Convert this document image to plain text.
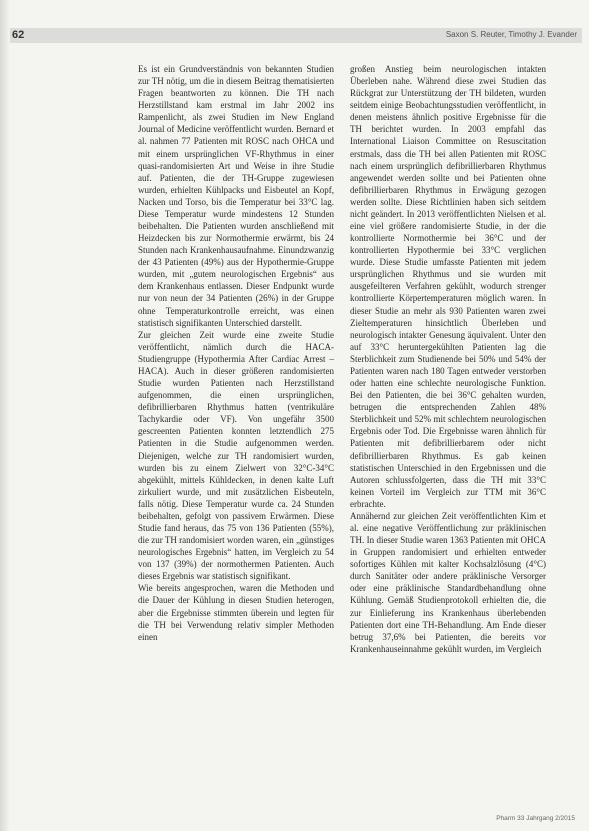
62	Saxon S. Reuter, Timothy J. Evander

Es ist ein Grundverständnis von bekannten Studien zur TH nötig, um die in diesem Beitrag thematisierten Fragen beantworten zu können. Die TH nach Herzstillstand kam erstmal im Jahr 2002 ins Rampenlicht, als zwei Studien im New England Journal of Medicine veröffentlicht wurden. Bernard et al. nahmen 77 Patienten mit ROSC nach OHCA und mit einem ursprünglichen VF-Rhythmus in einer quasi-randomisierten Art und Weise in ihre Studie auf. Patienten, die der TH-Gruppe zugewiesen wurden, erhielten Kühlpacks und Eisbeutel an Kopf, Nacken und Torso, bis die Temperatur bei 33°C lag. Diese Temperatur wurde mindestens 12 Stunden beibehalten. Die Patienten wurden anschließend mit Heizdecken bis zur Normothermie erwärmt, bis 24 Stunden nach Krankenhausaufnahme. Einundzwanzig der 43 Patienten (49%) aus der Hypothermie-Gruppe wurden, mit „gutem neurologischen Ergebnis“ aus dem Krankenhaus entlassen. Dieser Endpunkt wurde nur von neun der 34 Patienten (26%) in der Gruppe ohne Temperaturkontrolle erreicht, was einen statistisch signifikanten Unterschied darstellt.

Zur gleichen Zeit wurde eine zweite Studie veröffentlicht, nämlich durch die HACA-Studiengruppe (Hypothermia After Cardiac Arrest – HACA). Auch in dieser größeren randomisierten Studie wurden Patienten nach Herzstillstand aufgenommen, die einen ursprünglichen, defibrillierbaren Rhythmus hatten (ventrikuläre Tachykardie oder VF). Von ungefähr 3500 gescreenten Patienten konnten letztendlich 275 Patienten in die Studie aufgenommen werden. Diejenigen, welche zur TH randomisiert wurden, wurden bis zu einem Zielwert von 32°C-34°C abgekühlt, mittels Kühldecken, in denen kalte Luft zirkuliert wurde, und mit zusätzlichen Eisbeuteln, falls nötig. Diese Temperatur wurde ca. 24 Stunden beibehalten, gefolgt von passivem Erwärmen. Diese Studie fand heraus, das 75 von 136 Patienten (55%), die zur TH randomisiert worden waren, ein „günstiges neurologisches Ergebnis“ hatten, im Vergleich zu 54 von 137 (39%) der normothermen Patienten. Auch dieses Ergebnis war statistisch signifikant.

Wie bereits angesprochen, waren die Methoden und die Dauer der Kühlung in diesen Studien heterogen, aber die Ergebnisse stimmten überein und legten für die TH bei Verwendung relativ simpler Methoden einen

großen Anstieg beim neurologischen intakten Überleben nahe. Während diese zwei Studien das Rückgrat zur Unterstützung der TH bildeten, wurden seitdem einige Beobachtungsstudien veröffentlicht, in denen meistens ähnlich positive Ergebnisse für die TH berichtet wurden. In 2003 empfahl das International Liaison Committee on Resuscitation erstmals, dass die TH bei allen Patienten mit ROSC nach einem ursprünglich defibrillierbaren Rhythmus angewendet werden sollte und bei Patienten ohne defibrillierbaren Rhythmus in Erwägung gezogen werden sollte. Diese Richtlinien haben sich seitdem nicht geändert. In 2013 veröffentlichten Nielsen et al. eine viel größere randomisierte Studie, in der die kontrollierte Normothermie bei 36°C und der kontrollierten Hypothermie bei 33°C verglichen wurde. Diese Studie umfasste Patienten mit jedem ursprünglichen Rhythmus und sie wurden mit ausgefeilteren Verfahren gekühlt, wodurch strenger kontrollierte Körpertemperaturen möglich waren. In dieser Studie an mehr als 930 Patienten waren zwei Zieltemperaturen hinsichtlich Überleben und neurologisch intakter Genesung äquivalent. Unter den auf 33°C heruntergekühlten Patienten lag die Sterblichkeit zum Studienende bei 50% und 54% der Patienten waren nach 180 Tagen entweder verstorben oder hatten eine schlechte neurologische Funktion. Bei den Patienten, die bei 36°C gehalten wurden, betrugen die entsprechenden Zahlen 48% Sterblichkeit und 52% mit schlechtem neurologischen Ergebnis oder Tod. Die Ergebnisse waren ähnlich für Patienten mit defibrillierbarem oder nicht defibrillierbaren Rhythmus. Es gab keinen statistischen Unterschied in den Ergebnissen und die Autoren schlussfolgerten, dass die TH mit 33°C keinen Vorteil im Vergleich zur TTM mit 36°C erbrachte.

Annähernd zur gleichen Zeit veröffentlichten Kim et al. eine negative Veröffentlichung zur präklinischen TH. In dieser Studie waren 1363 Patienten mit OHCA in Gruppen randomisiert und erhielten entweder sofortiges Kühlen mit kalter Kochsalzlösung (4°C) durch Sanitäter oder andere präklinische Versorger oder eine präklinische Standardbehandlung ohne Kühlung. Gemäß Studienprotokoll erhielten die, die zur Einlieferung ins Krankenhaus überlebenden Patienten dort eine TH-Behandlung. Am Ende dieser betrug 37,6% bei Patienten, die bereits vor Krankenhauseinnahme gekühlt wurden, im Vergleich

Pharm 33 Jahrgang 2/2015
